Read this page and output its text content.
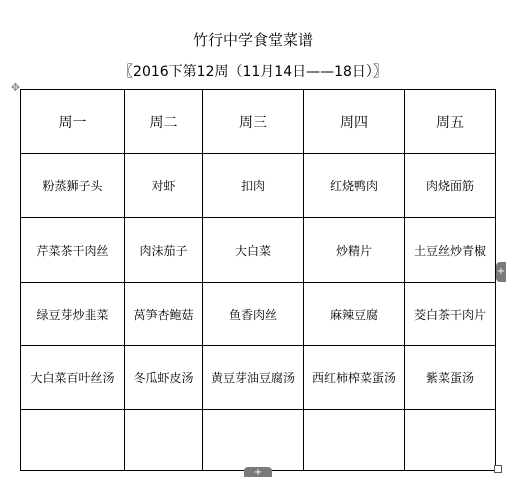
竹行中学食堂菜谱
〖2016下第12周（11月14日——18日）〗
✥
周一	周二	周三	周四	周五
粉蒸狮子头	对虾	扣肉	红烧鸭肉	肉烧面筋
芹菜茶干肉丝	肉沫茄子	大白菜	炒精片	土豆丝炒青椒
绿豆芽炒韭菜	莴笋杏鲍菇	鱼香肉丝	麻辣豆腐	茭白茶干肉片
大白菜百叶丝汤	冬瓜虾皮汤	黄豆芽油豆腐汤	西红柿榨菜蛋汤	紫菜蛋汤

+
+
